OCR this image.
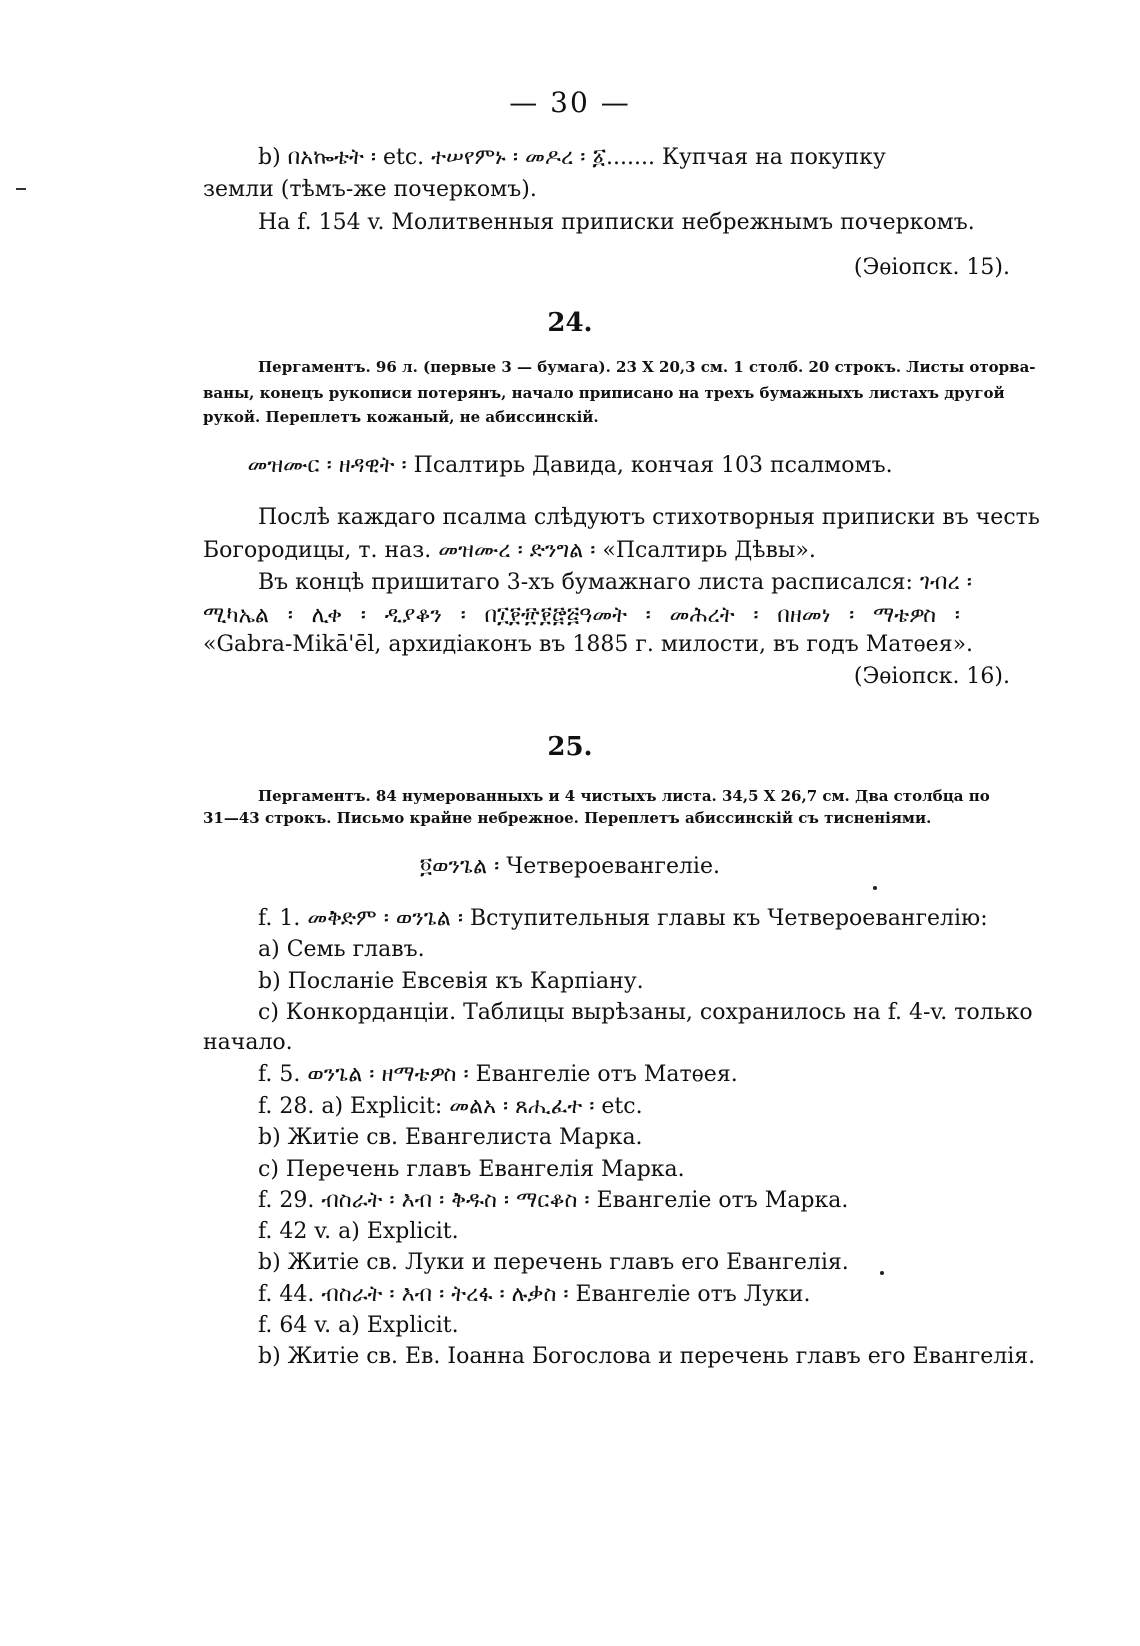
— 30 —
b) በአኰቴት ፡ etc. ተሠየምኑ ፡ መዶረ ፡ ፩....... Купчая на покупку
земли (тѣмъ-же почеркомъ).
На f. 154 v. Молитвенныя приписки небрежнымъ почеркомъ.
(Эѳіопск. 15).
24.
Пергаментъ. 96 л. (первые 3 — бумага). 23 X 20,3 см. 1 столб. 20 строкъ. Листы оторва-
ваны, конецъ рукописи потерянъ, начало приписано на трехъ бумажныхъ листахъ другой
рукой. Переплетъ кожаный, не абиссинскій.
መዝሙር ፡ ዘዳዊት ፡ Псалтирь Давида, кончая 103 псалмомъ.
Послѣ каждаго псалма слѣдуютъ стихотворныя приписки въ честь
Богородицы, т. наз. መዝሙረ ፡ ድንግል ፡ «Псалтирь Дѣвы».
Въ концѣ пришитаго 3-хъ бумажнаго листа расписался: ገብረ ፡
ሚካኤል ፡ ሊቀ ፡ ዲያቆን ፡ በ፲፻፹፻፸፭ዓመት ፡ መሕረት ፡ በዘመነ ፡ ማቴዎስ ፡
«Gabra-Mikā'ēl, архидіаконъ въ 1885 г. милости, въ годъ Матѳея».
(Эѳіопск. 16).
25.
Пергаментъ. 84 нумерованныхъ и 4 чистыхъ листа. 34,5 X 26,7 см. Два столбца по
31—43 строкъ. Письмо крайне небрежное. Переплетъ абиссинскій съ тисненіями.
፬ወንጌል ፡ Четвероевангеліе.
f. 1. መቅድም ፡ ወንጌል ፡ Вступительныя главы къ Четвероевангелію:
a) Семь главъ.
b) Посланіе Евсевія къ Карпіану.
c) Конкорданціи. Таблицы вырѣзаны, сохранилось на f. 4-v. только
начало.
f. 5. ወንጌል ፡ ዘማቴዎስ ፡ Евангеліе отъ Матѳея.
f. 28. a) Explicit: መልአ ፡ ጸሒፈተ ፡ etc.
b) Житіе св. Евангелиста Марка.
c) Перечень главъ Евангелія Марка.
f. 29. ብስራት ፡ እብ ፡ ቅዱስ ፡ ማርቆስ ፡ Евангеліе отъ Марка.
f. 42 v. a) Explicit.
b) Житіе св. Луки и перечень главъ его Евангелія.
f. 44. ብስራት ፡ እብ ፡ ትረፋ ፡ ሉቃስ ፡ Евангеліе отъ Луки.
f. 64 v. a) Explicit.
b) Житіе св. Ев. Іоанна Богослова и перечень главъ его Евангелія.
